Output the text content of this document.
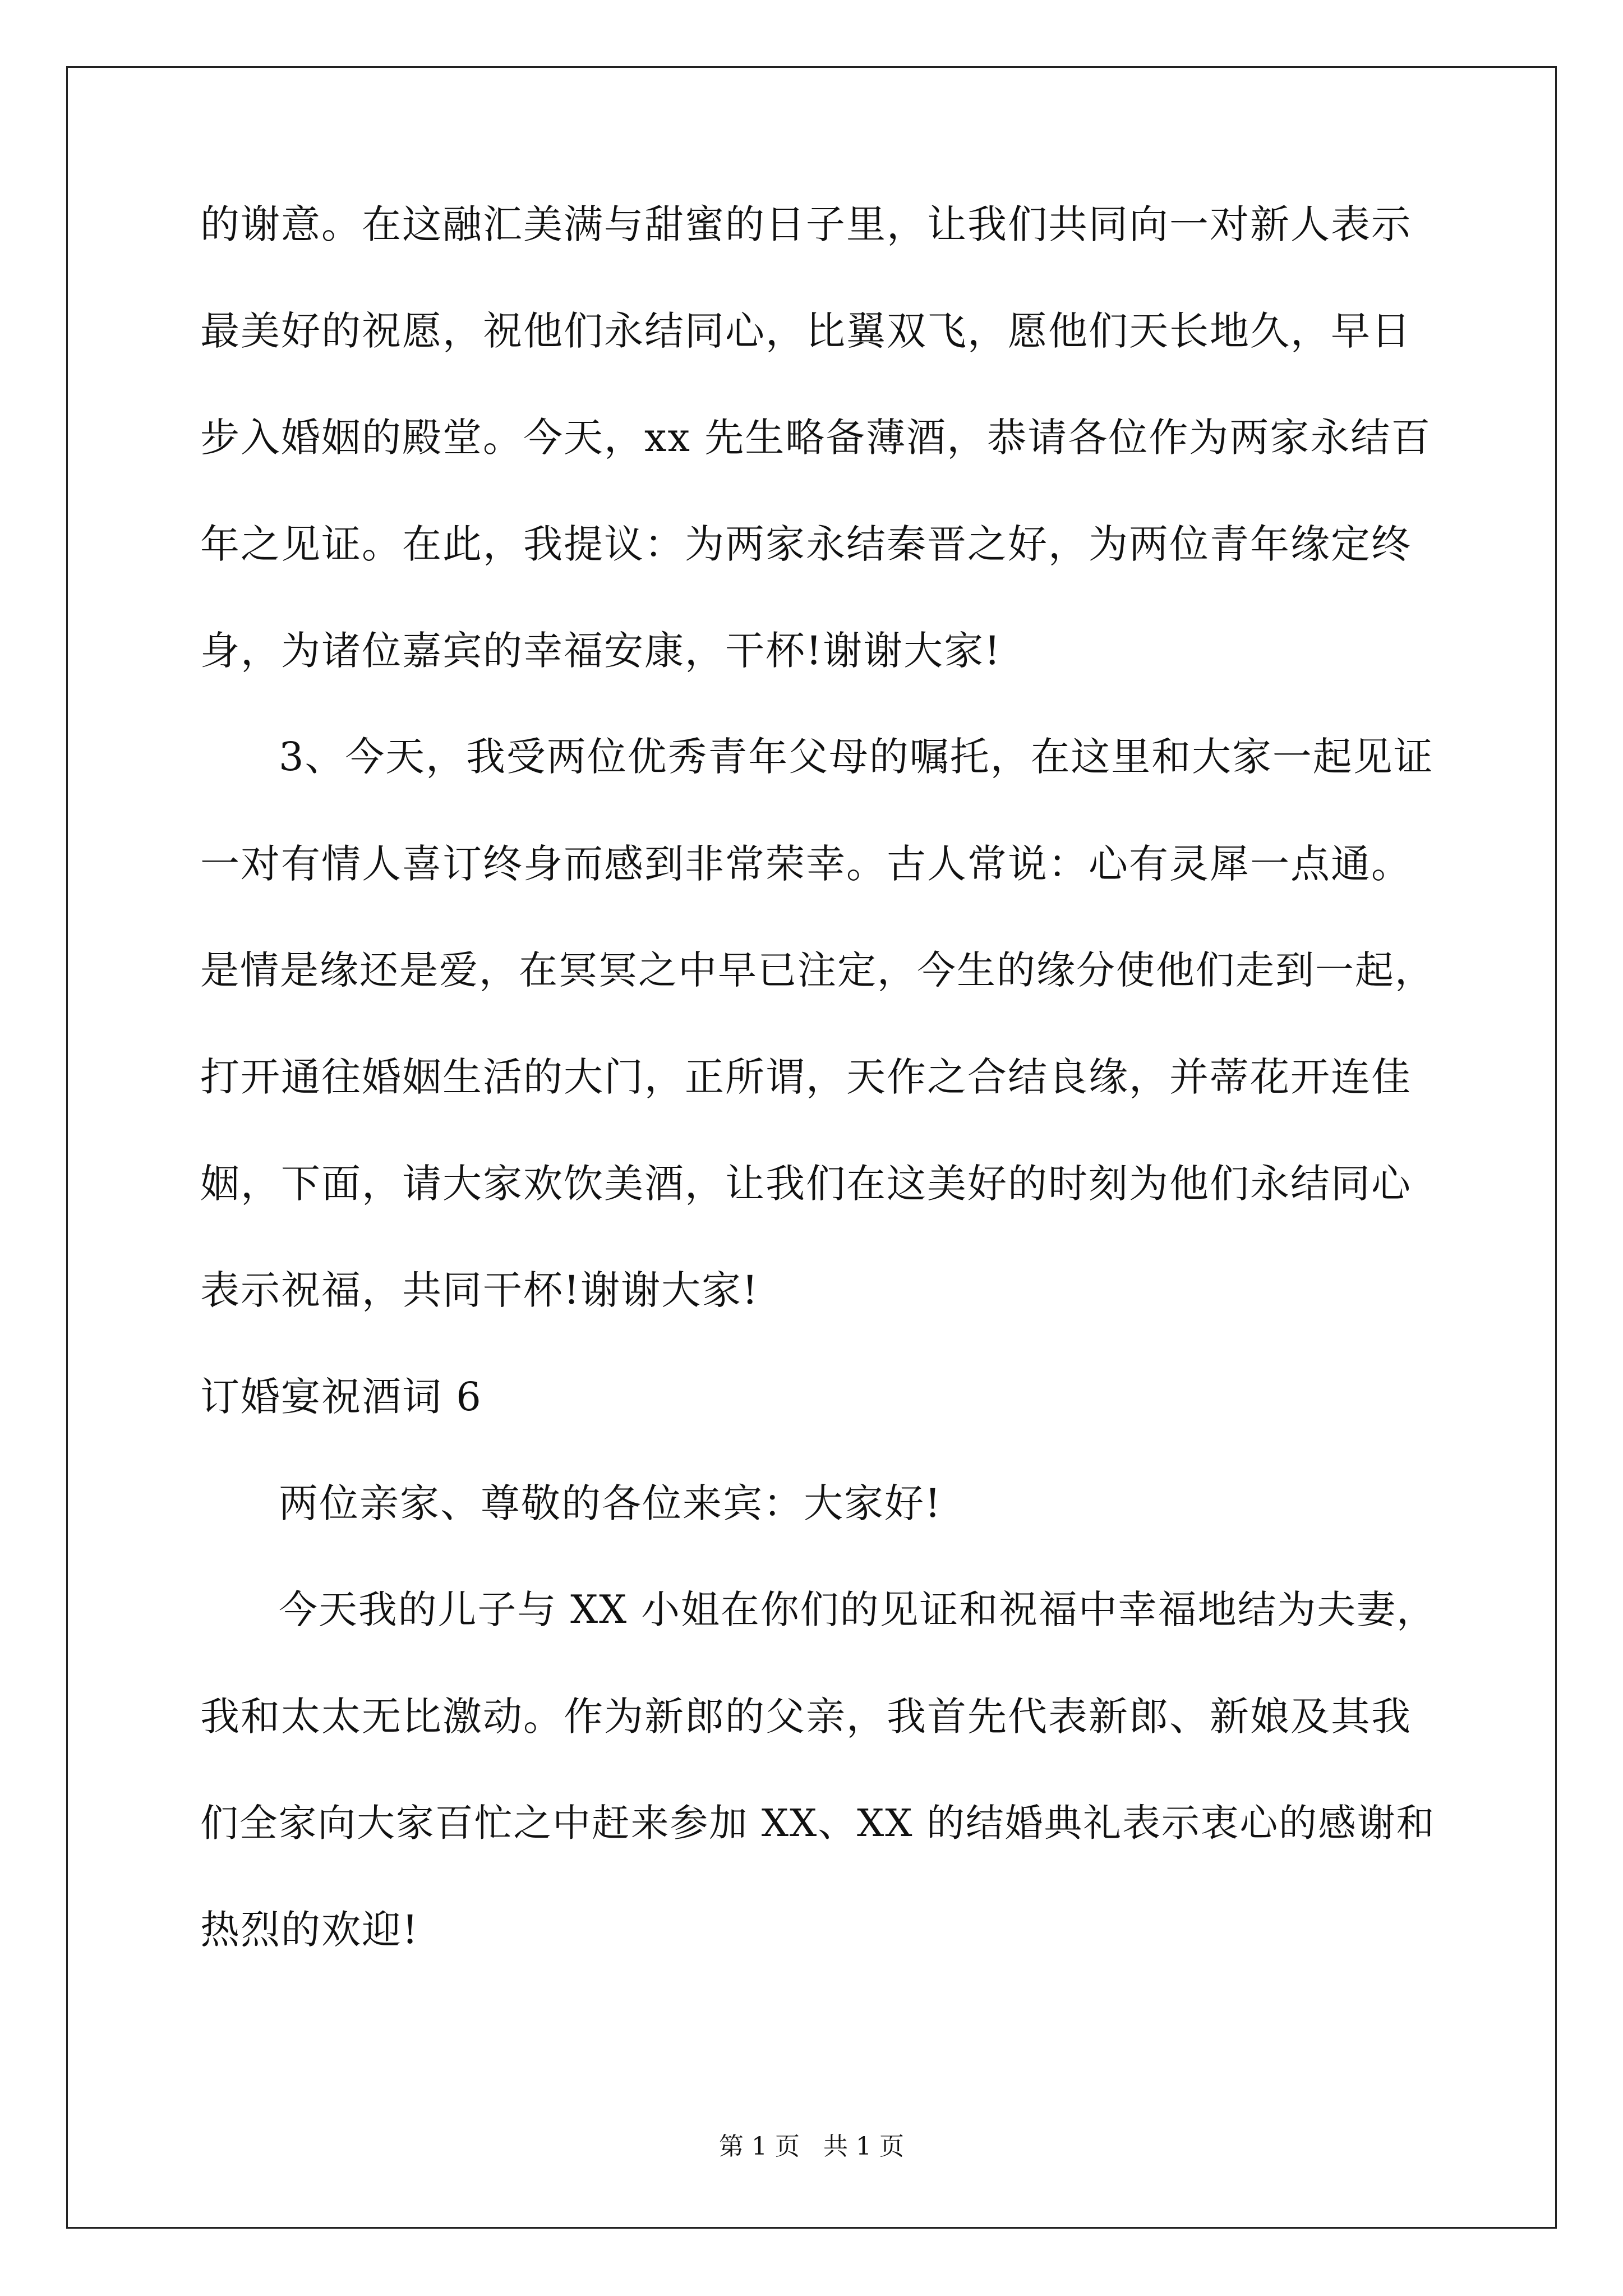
的谢意。在这融汇美满与甜蜜的日子里，让我们共同向一对新人表示
最美好的祝愿，祝他们永结同心，比翼双飞，愿他们天长地久，早日
步入婚姻的殿堂。今天，xx 先生略备薄酒，恭请各位作为两家永结百
年之见证。在此，我提议：为两家永结秦晋之好，为两位青年缘定终
身，为诸位嘉宾的幸福安康，干杯!谢谢大家!
3、今天，我受两位优秀青年父母的嘱托，在这里和大家一起见证
一对有情人喜订终身而感到非常荣幸。古人常说：心有灵犀一点通。
是情是缘还是爱，在冥冥之中早已注定，今生的缘分使他们走到一起，
打开通往婚姻生活的大门，正所谓，天作之合结良缘，并蒂花开连佳
姻，下面，请大家欢饮美酒，让我们在这美好的时刻为他们永结同心
表示祝福，共同干杯!谢谢大家!
订婚宴祝酒词 6
两位亲家、尊敬的各位来宾：大家好!
今天我的儿子与 XX 小姐在你们的见证和祝福中幸福地结为夫妻，
我和太太无比激动。作为新郎的父亲，我首先代表新郎、新娘及其我
们全家向大家百忙之中赶来参加 XX、XX 的结婚典礼表示衷心的感谢和
热烈的欢迎!
第 1 页   共 1 页
